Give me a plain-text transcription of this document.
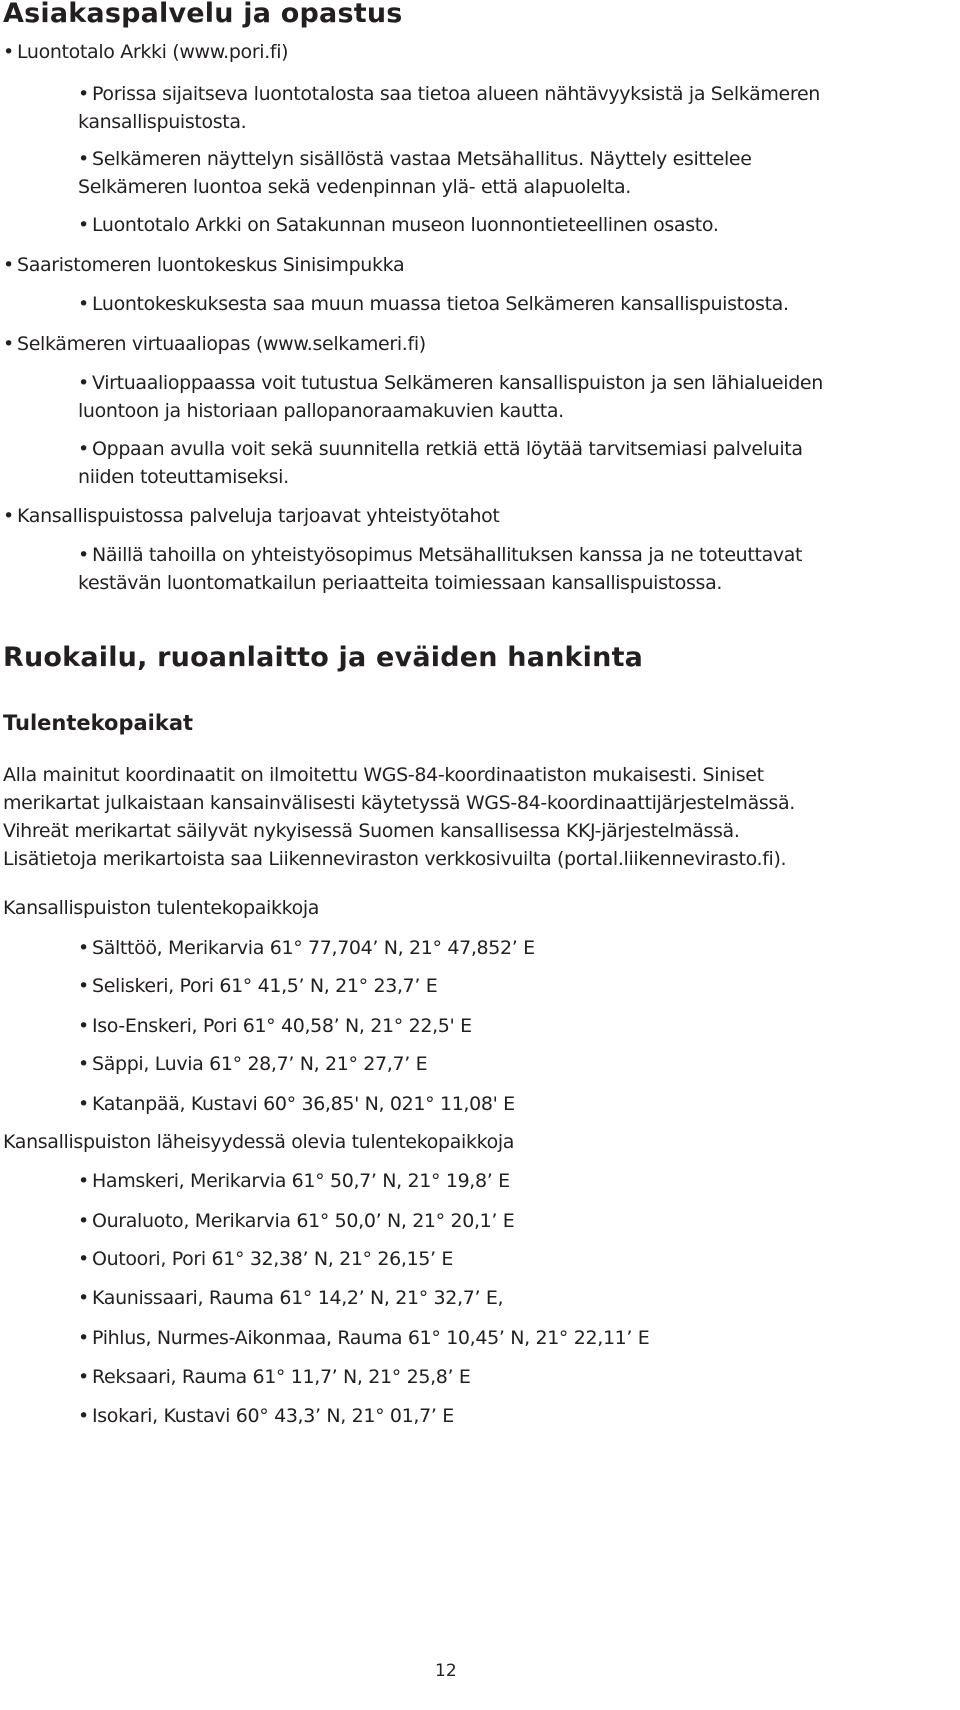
Asiakaspalvelu ja opastus
• Luontotalo Arkki (www.pori.fi)
• Porissa sijaitseva luontotalosta saa tietoa alueen nähtävyyksistä ja Selkämeren
kansallispuistosta.
• Selkämeren näyttelyn sisällöstä vastaa Metsähallitus. Näyttely esittelee
Selkämeren luontoa sekä vedenpinnan ylä- että alapuolelta.
• Luontotalo Arkki on Satakunnan museon luonnontieteellinen osasto.
• Saaristomeren luontokeskus Sinisimpukka
• Luontokeskuksesta saa muun muassa tietoa Selkämeren kansallispuistosta.
• Selkämeren virtuaaliopas (www.selkameri.fi)
• Virtuaalioppaassa voit tutustua Selkämeren kansallispuiston ja sen lähialueiden
luontoon ja historiaan pallopanoraamakuvien kautta.
• Oppaan avulla voit sekä suunnitella retkiä että löytää tarvitsemiasi palveluita
niiden toteuttamiseksi.
• Kansallispuistossa palveluja tarjoavat yhteistyötahot
• Näillä tahoilla on yhteistyösopimus Metsähallituksen kanssa ja ne toteuttavat
kestävän luontomatkailun periaatteita toimiessaan kansallispuistossa.
Ruokailu, ruoanlaitto ja eväiden hankinta
Tulentekopaikat
Alla mainitut koordinaatit on ilmoitettu WGS-84-koordinaatiston mukaisesti. Siniset
merikartat julkaistaan kansainvälisesti käytetyssä WGS-84-koordinaattijärjestelmässä.
Vihreät merikartat säilyvät nykyisessä Suomen kansallisessa KKJ-järjestelmässä.
Lisätietoja merikartoista saa Liikenneviraston verkkosivuilta (portal.liikennevirasto.fi).
Kansallispuiston tulentekopaikkoja
• Sälttöö, Merikarvia 61° 77,704’ N, 21° 47,852’ E
• Seliskeri, Pori 61° 41,5’ N, 21° 23,7’ E
• Iso-Enskeri, Pori 61° 40,58’ N, 21° 22,5' E
• Säppi, Luvia 61° 28,7’ N, 21° 27,7’ E
• Katanpää, Kustavi 60° 36,85' N, 021° 11,08' E
Kansallispuiston läheisyydessä olevia tulentekopaikkoja
• Hamskeri, Merikarvia 61° 50,7’ N, 21° 19,8’ E
• Ouraluoto, Merikarvia 61° 50,0’ N, 21° 20,1’ E
• Outoori, Pori 61° 32,38’ N, 21° 26,15’ E
• Kaunissaari, Rauma 61° 14,2’ N, 21° 32,7’ E,
• Pihlus, Nurmes-Aikonmaa, Rauma 61° 10,45’ N, 21° 22,11’ E
• Reksaari, Rauma 61° 11,7’ N, 21° 25,8’ E
• Isokari, Kustavi 60° 43,3’ N, 21° 01,7’ E
12
